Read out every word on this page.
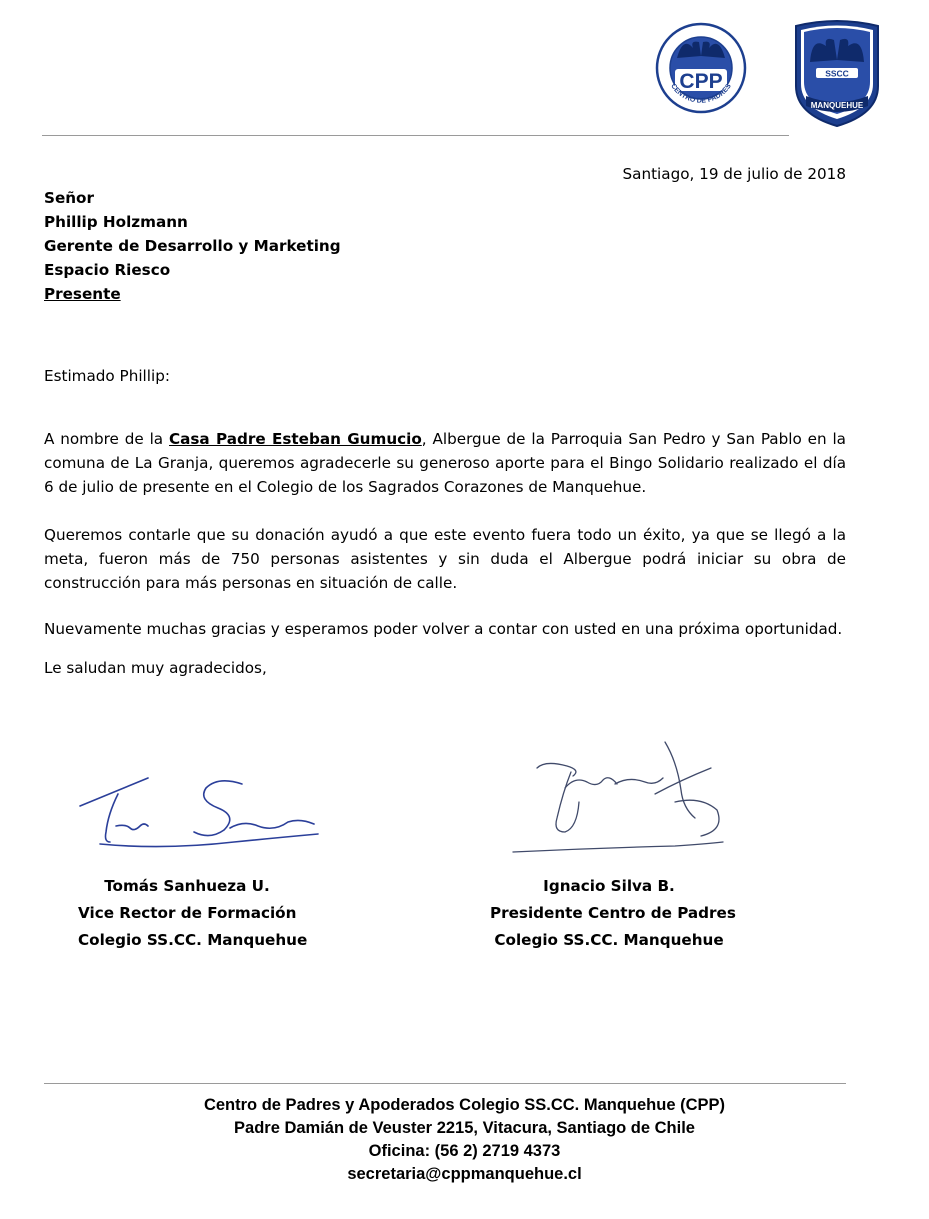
CPP
CENTRO DE PADRES
SSCC
MANQUEHUE
Santiago, 19 de julio de 2018
Señor
Phillip Holzmann
Gerente de Desarrollo y Marketing
Espacio Riesco
Presente
Estimado Phillip:
A nombre de la Casa Padre Esteban Gumucio, Albergue de la Parroquia San Pedro y San Pablo en la comuna de La Granja, queremos agradecerle su generoso aporte para el Bingo Solidario realizado el día 6 de julio de presente en el Colegio de los Sagrados Corazones de Manquehue.
Queremos contarle que su donación ayudó a que este evento fuera todo un éxito, ya que se llegó a la meta, fueron más de 750 personas asistentes y sin duda el Albergue podrá iniciar su obra de construcción para más personas en situación de calle.
Nuevamente muchas gracias y esperamos poder volver a contar con usted en una próxima oportunidad.
Le saludan muy agradecidos,
Tomás Sanhueza U.
Vice Rector de Formación
Colegio SS.CC. Manquehue
Ignacio Silva B.
Presidente Centro de Padres
Colegio SS.CC. Manquehue
Centro de Padres y Apoderados Colegio SS.CC. Manquehue (CPP)
Padre Damián de Veuster 2215, Vitacura, Santiago de Chile
Oficina: (56 2) 2719 4373
secretaria@cppmanquehue.cl
